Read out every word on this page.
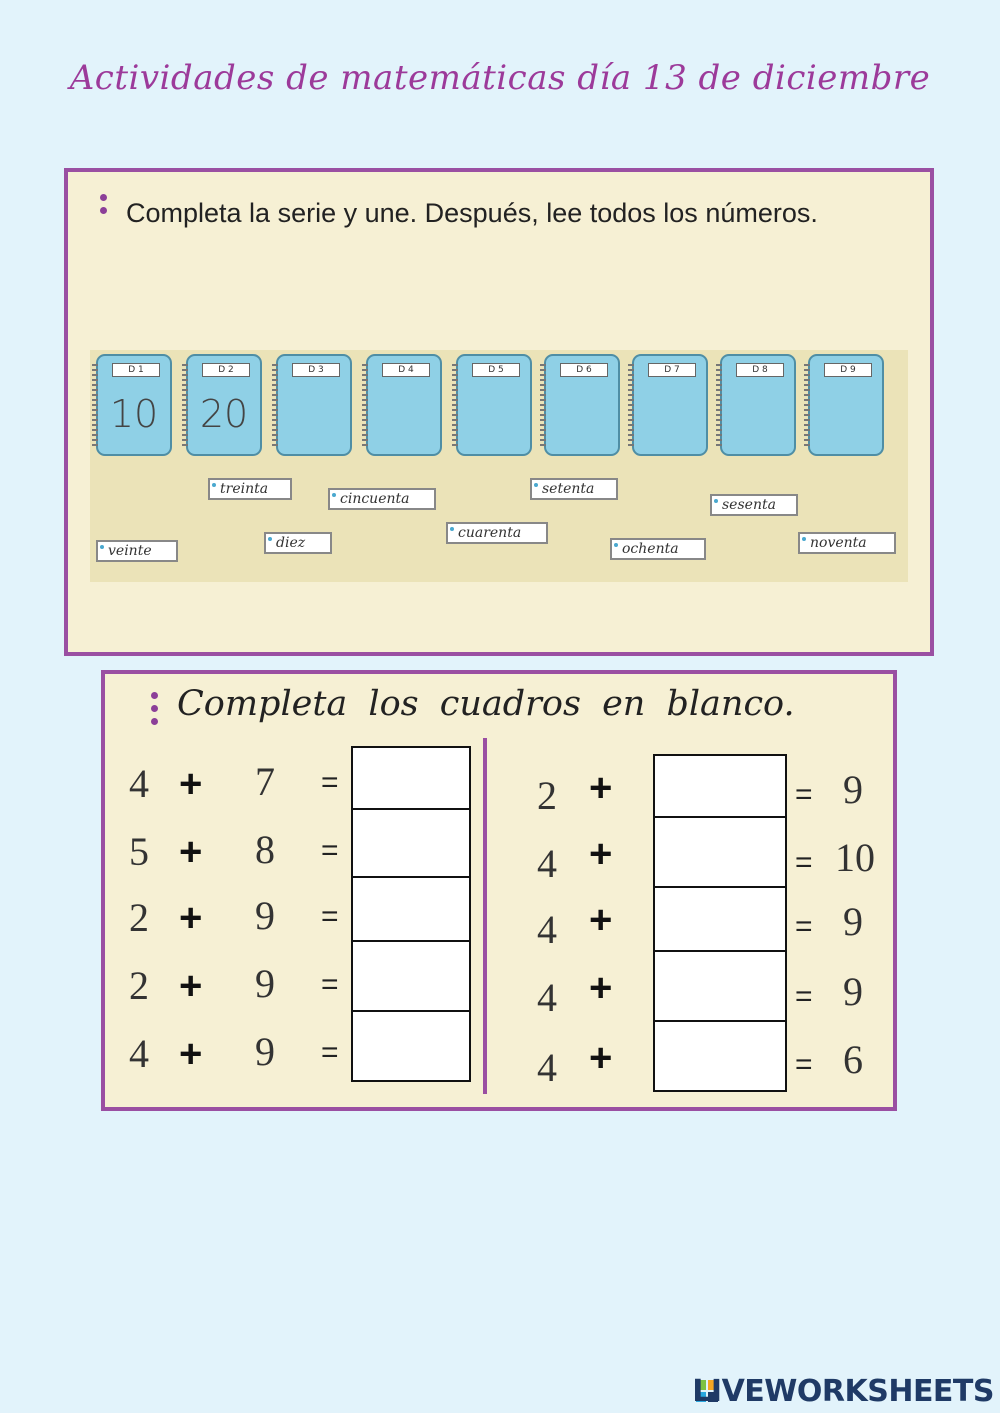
Actividades de matemáticas día 13 de diciembre
Completa la serie y une. Después, lee todos los números.
D 1
10
D 2
20
D 3	D 4	D 5	D 6	D 7	D 8	D 9
treinta
cincuenta
setenta
sesenta
cuarenta
veinte	diez	ochenta	noventa
Completa los cuadros en blanco.
4 + 7 =
5 + 8 =
2 + 9 =
2 + 9 =
4 + 9 =
2 +	= 9
4 +	= 10
4 +	= 9
4 +	= 9
4 +	= 6
LIVEWORKSHEETS
